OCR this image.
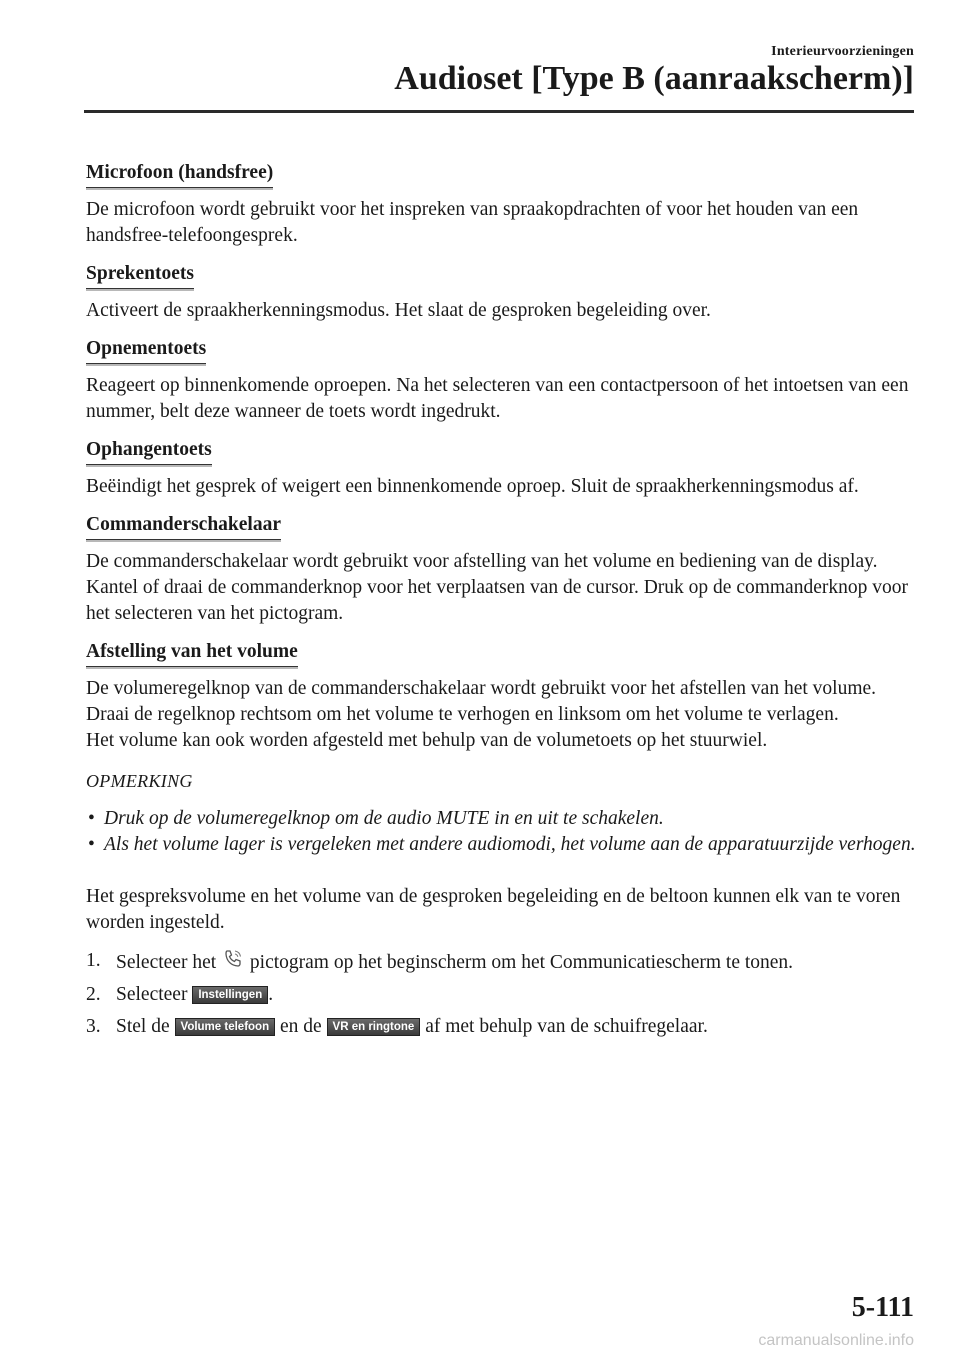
Interieurvoorzieningen
Audioset [Type B (aanraakscherm)]
Microfoon (handsfree)

De microfoon wordt gebruikt voor het inspreken van spraakopdrachten of voor het houden van een handsfree-telefoongesprek.

Sprekentoets

Activeert de spraakherkenningsmodus. Het slaat de gesproken begeleiding over.

Opnementoets

Reageert op binnenkomende oproepen. Na het selecteren van een contactpersoon of het intoetsen van een nummer, belt deze wanneer de toets wordt ingedrukt.

Ophangentoets

Beëindigt het gesprek of weigert een binnenkomende oproep. Sluit de spraakherkenningsmodus af.

Commanderschakelaar

De commanderschakelaar wordt gebruikt voor afstelling van het volume en bediening van de display. Kantel of draai de commanderknop voor het verplaatsen van de cursor. Druk op de commanderknop voor het selecteren van het pictogram.

Afstelling van het volume

De volumeregelknop van de commanderschakelaar wordt gebruikt voor het afstellen van het volume. Draai de regelknop rechtsom om het volume te verhogen en linksom om het volume te verlagen.

Het volume kan ook worden afgesteld met behulp van de volumetoets op het stuurwiel.

OPMERKING
• Druk op de volumeregelknop om de audio MUTE in en uit te schakelen.
• Als het volume lager is vergeleken met andere audiomodi, het volume aan de apparatuurzijde verhogen.

Het gespreksvolume en het volume van de gesproken begeleiding en de beltoon kunnen elk van te voren worden ingesteld.

1. Selecteer het pictogram op het beginscherm om het Communicatiescherm te tonen.
2. Selecteer Instellingen .
3. Stel de Volume telefoon en de VR en ringtone af met behulp van de schuifregelaar.
5-111
carmanualsonline.info
